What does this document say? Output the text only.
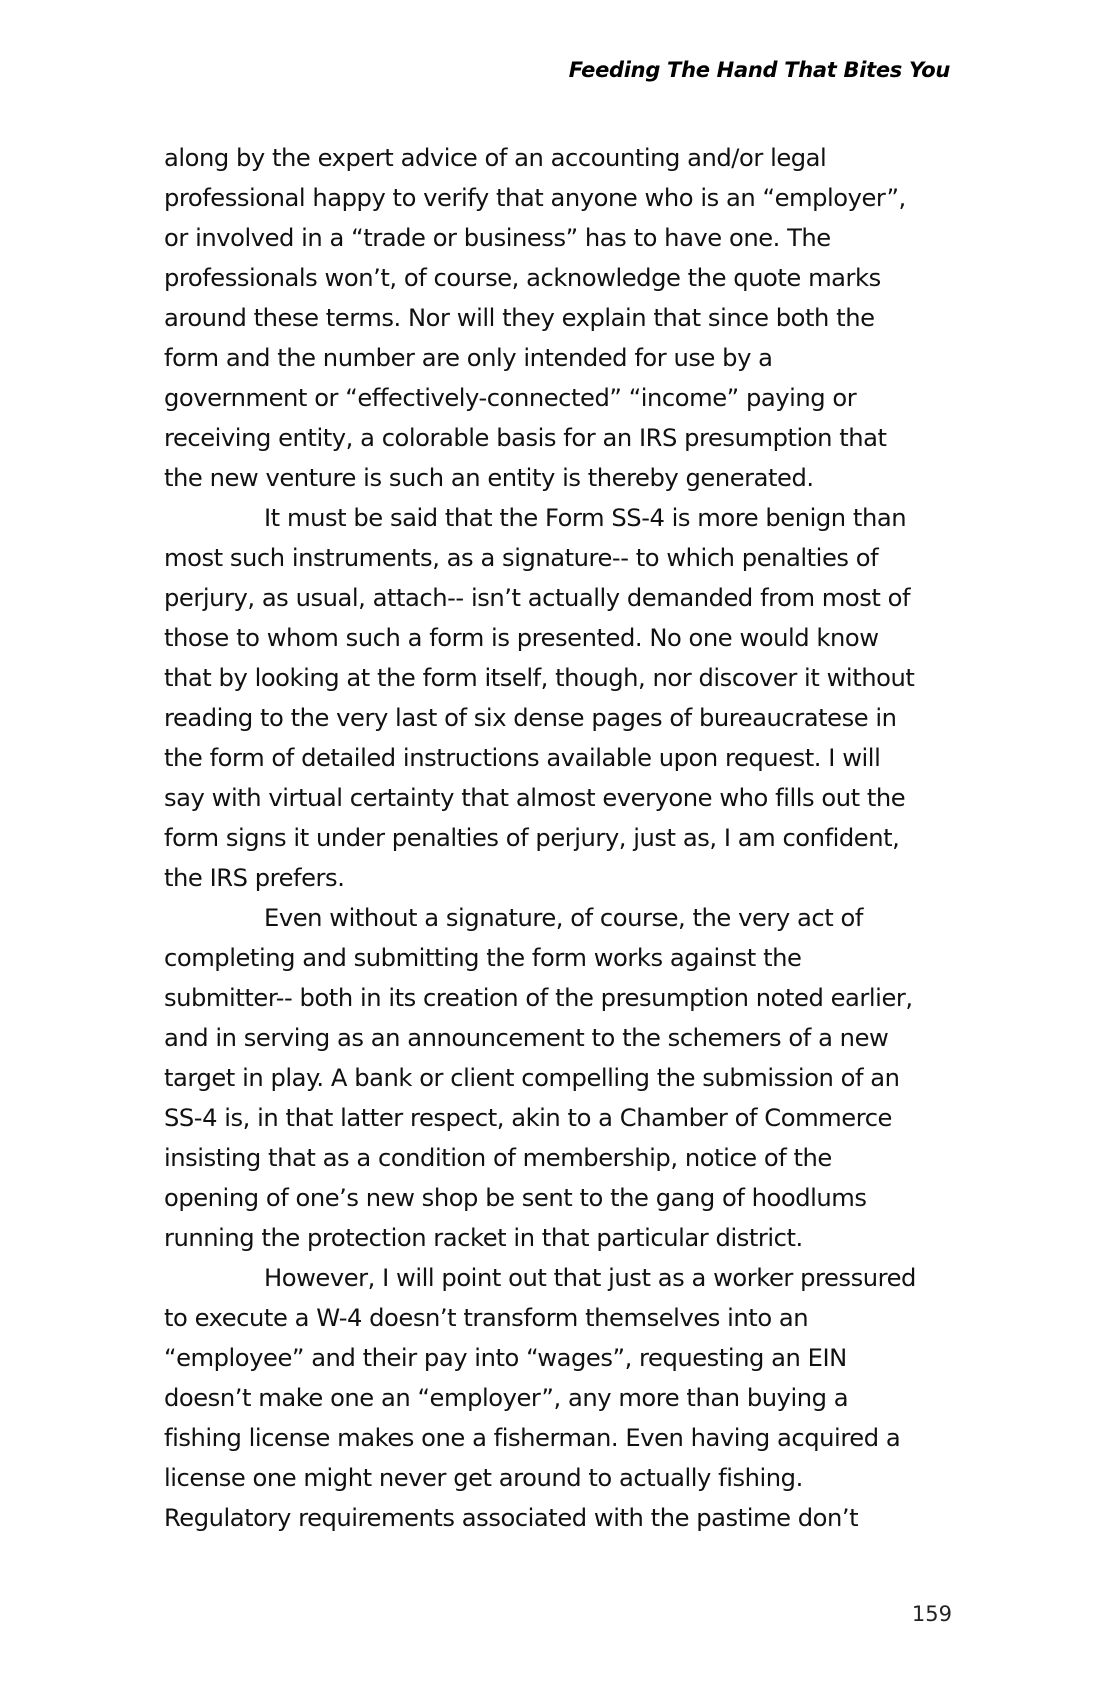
Feeding The Hand That Bites You
along by the expert advice of an accounting and/or legal
professional happy to verify that anyone who is an “employer”,
or involved in a “trade or business” has to have one. The
professionals won’t, of course, acknowledge the quote marks
around these terms. Nor will they explain that since both the
form and the number are only intended for use by a
government or “effectively-connected” “income” paying or
receiving entity, a colorable basis for an IRS presumption that
the new venture is such an entity is thereby generated.
It must be said that the Form SS-4 is more benign than
most such instruments, as a signature-- to which penalties of
perjury, as usual, attach-- isn’t actually demanded from most of
those to whom such a form is presented. No one would know
that by looking at the form itself, though, nor discover it without
reading to the very last of six dense pages of bureaucratese in
the form of detailed instructions available upon request. I will
say with virtual certainty that almost everyone who fills out the
form signs it under penalties of perjury, just as, I am confident,
the IRS prefers.
Even without a signature, of course, the very act of
completing and submitting the form works against the
submitter-- both in its creation of the presumption noted earlier,
and in serving as an announcement to the schemers of a new
target in play. A bank or client compelling the submission of an
SS-4 is, in that latter respect, akin to a Chamber of Commerce
insisting that as a condition of membership, notice of the
opening of one’s new shop be sent to the gang of hoodlums
running the protection racket in that particular district.
However, I will point out that just as a worker pressured
to execute a W-4 doesn’t transform themselves into an
“employee” and their pay into “wages”, requesting an EIN
doesn’t make one an “employer”, any more than buying a
fishing license makes one a fisherman. Even having acquired a
license one might never get around to actually fishing.
Regulatory requirements associated with the pastime don’t
159
